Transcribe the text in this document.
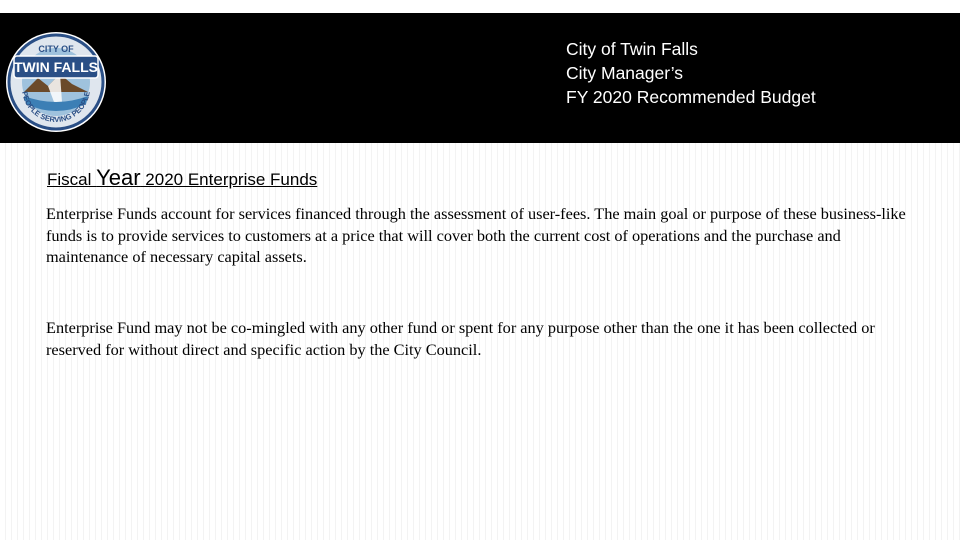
CITY OF
TWIN FALLS
PEOPLE SERVING PEOPLE
City of Twin Falls
City Manager’s
FY 2020 Recommended Budget
Fiscal Year 2020 Enterprise Funds
Enterprise Funds account for services financed through the assessment of user-fees. The main goal or purpose of these business-like funds is to provide services to customers at a price that will cover both the current cost of operations and the purchase and maintenance of necessary capital assets.
Enterprise Fund may not be co-mingled with any other fund or spent for any purpose other than the one it has been collected or reserved for without direct and specific action by the City Council.
